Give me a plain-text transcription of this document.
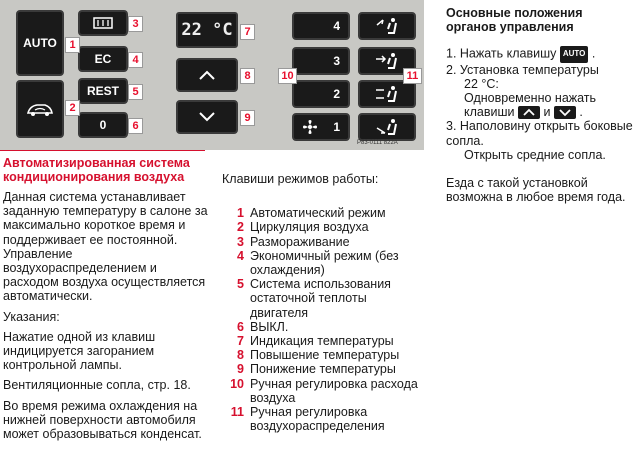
AUTO
EC
REST
0
22 °C	4
3
2
1
1
2
3
4
5
6
7
8
9
10	11
P83-0111 822A

Автоматизированная система кондиционирования воздуха

Данная система устанавливает заданную температуру в салоне за максимально короткое время и поддерживает ее постоянной.

Управление воздухораспределением и расходом воздуха осуществляется автоматически.

Указания:

Нажатие одной из клавиш индицируется загоранием контрольной лампы.

Вентиляционные сопла, стр. 18.

Во время режима охлаждения на нижней поверхности автомобиля может образовываться конденсат.

Клавиши режимов работы:

1 Автоматический режим
2 Циркуляция воздуха
3 Размораживание
4 Экономичный режим (без охлаждения)
5 Система использования остаточной теплоты двигателя
6 ВЫКЛ.
7 Индикация температуры
8 Повышение температуры
9 Понижение температуры
10 Ручная регулировка расхода воздуха
11 Ручная регулировка воздухораспределения

Основные положения органов управления

1. Нажать клавишу AUTO .

2. Установка температуры

22 °C:

Одновременно нажать

клавиши и  .

3. Наполовину открыть боковые сопла.

Открыть средние сопла.

Езда с такой установкой возможна в любое время года.
